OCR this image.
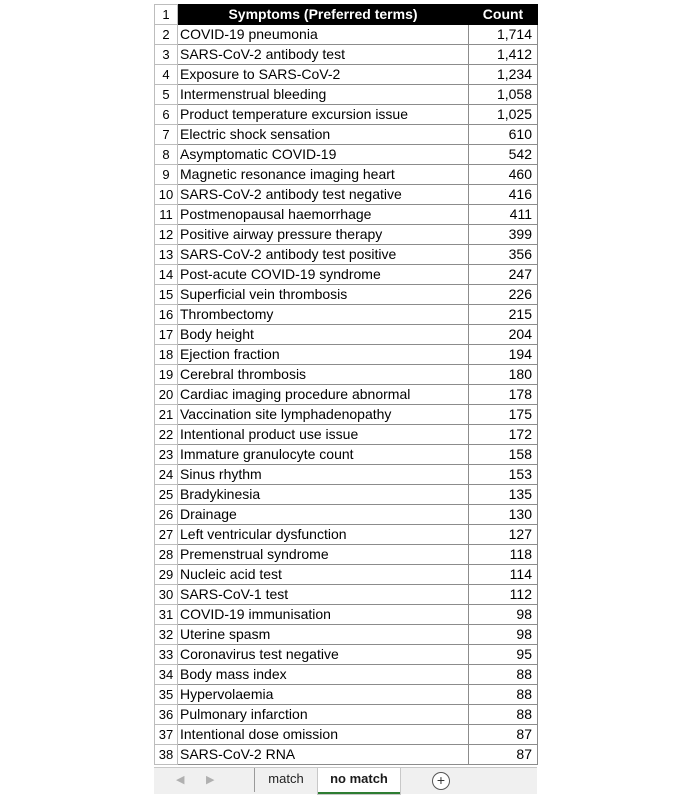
1	Symptoms (Preferred terms)	Count
2	COVID-19 pneumonia	1,714
3	SARS-CoV-2 antibody test	1,412
4	Exposure to SARS-CoV-2	1,234
5	Intermenstrual bleeding	1,058
6	Product temperature excursion issue	1,025
7	Electric shock sensation	610
8	Asymptomatic COVID-19	542
9	Magnetic resonance imaging heart	460
10	SARS-CoV-2 antibody test negative	416
11	Postmenopausal haemorrhage	411
12	Positive airway pressure therapy	399
13	SARS-CoV-2 antibody test positive	356
14	Post-acute COVID-19 syndrome	247
15	Superficial vein thrombosis	226
16	Thrombectomy	215
17	Body height	204
18	Ejection fraction	194
19	Cerebral thrombosis	180
20	Cardiac imaging procedure abnormal	178
21	Vaccination site lymphadenopathy	175
22	Intentional product use issue	172
23	Immature granulocyte count	158
24	Sinus rhythm	153
25	Bradykinesia	135
26	Drainage	130
27	Left ventricular dysfunction	127
28	Premenstrual syndrome	118
29	Nucleic acid test	114
30	SARS-CoV-1 test	112
31	COVID-19 immunisation	98
32	Uterine spasm	98
33	Coronavirus test negative	95
34	Body mass index	88
35	Hypervolaemia	88
36	Pulmonary infarction	88
37	Intentional dose omission	87
38	SARS-CoV-2 RNA	87
◀ ▶	match	no match	+
